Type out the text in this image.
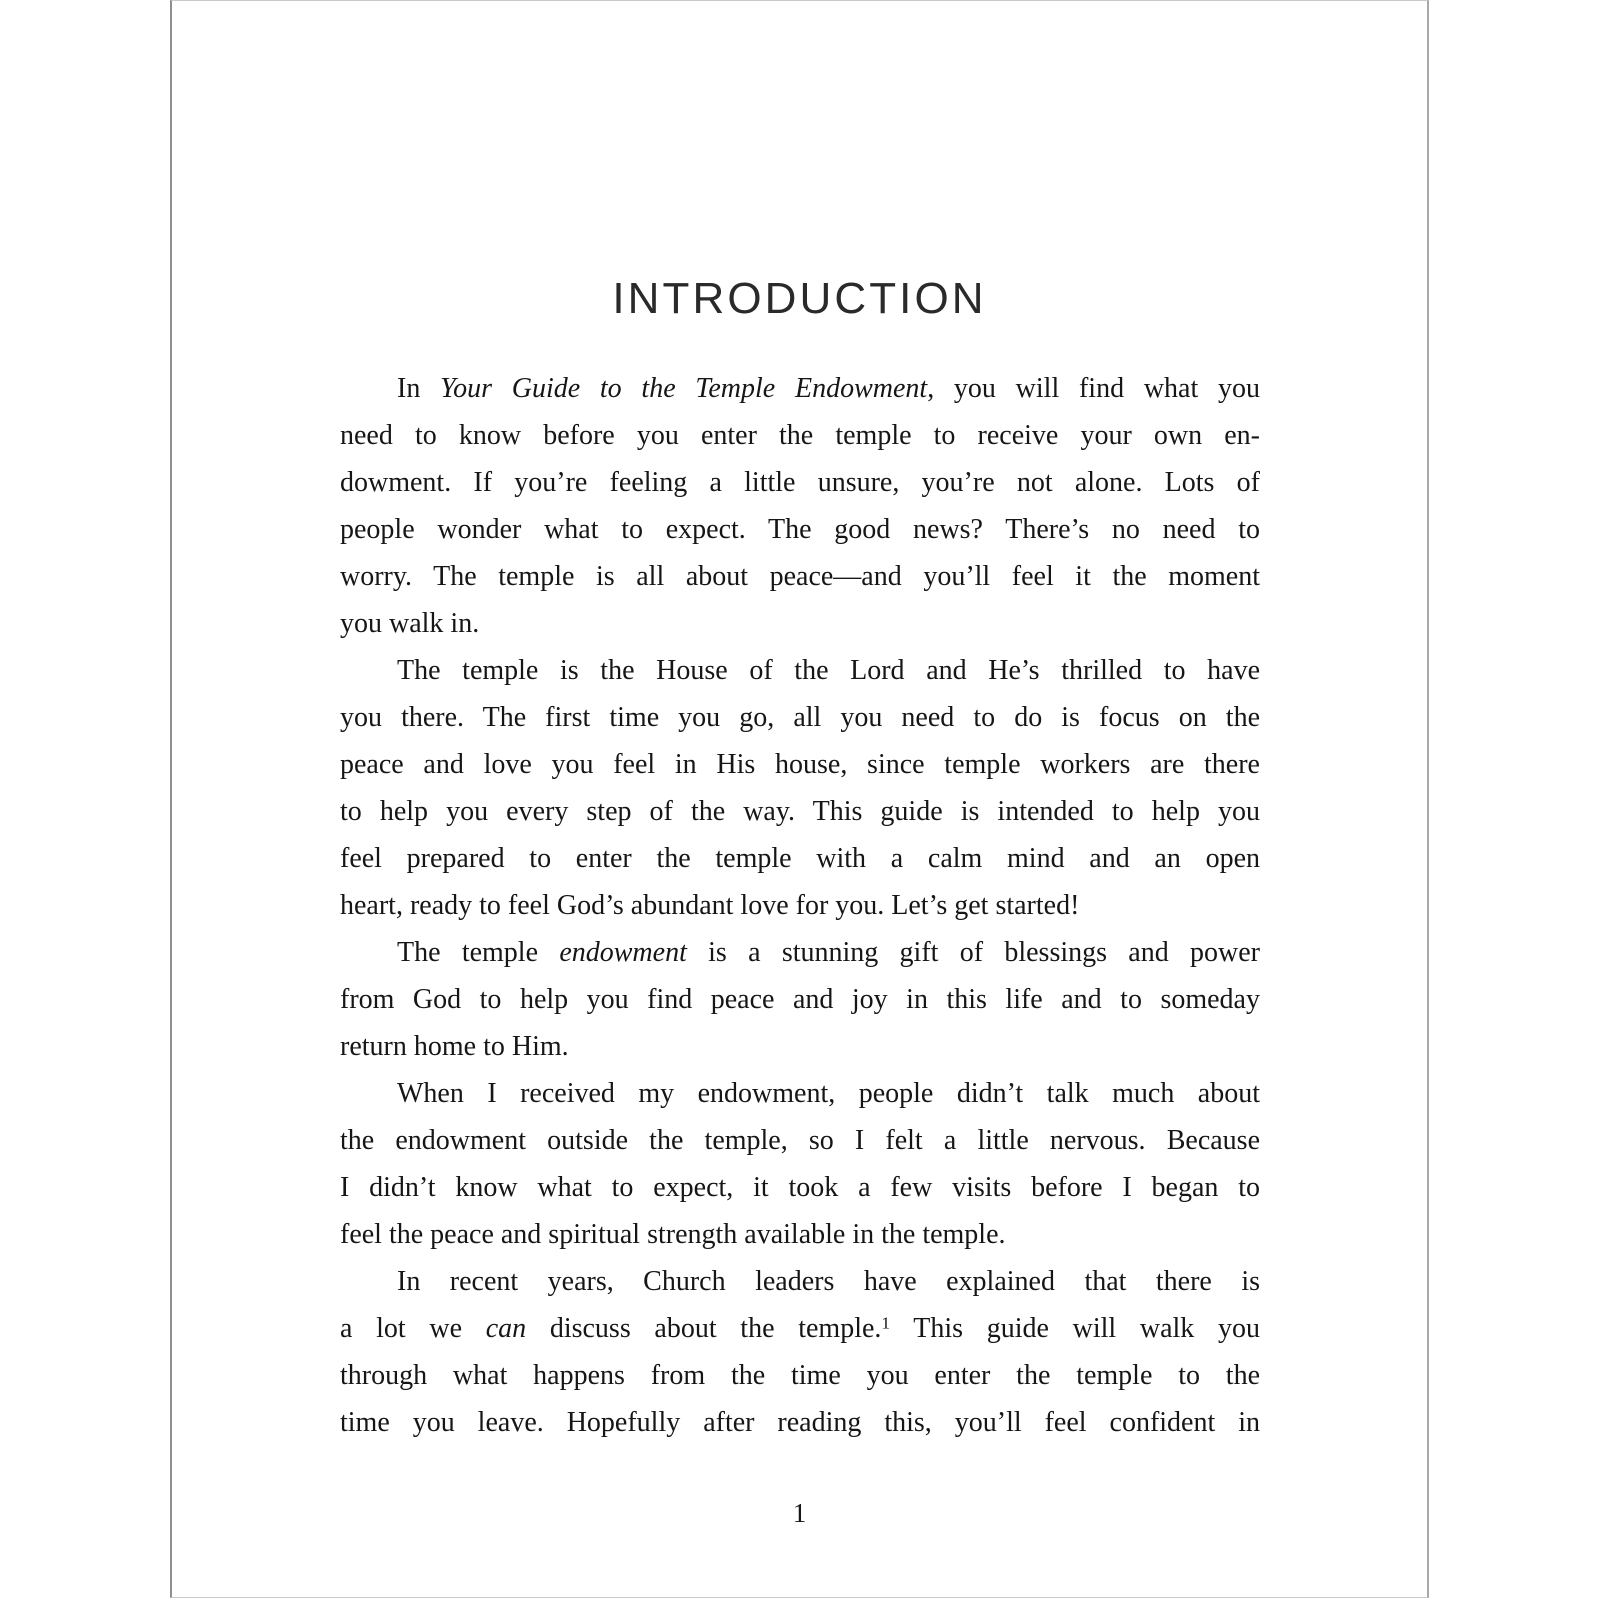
INTRODUCTION
In Your Guide to the Temple Endowment, you will find what you
need to know before you enter the temple to receive your own en-
dowment. If you’re feeling a little unsure, you’re not alone. Lots of
people wonder what to expect. The good news? There’s no need to
worry. The temple is all about peace—and you’ll feel it the moment
you walk in.
The temple is the House of the Lord and He’s thrilled to have
you there. The first time you go, all you need to do is focus on the
peace and love you feel in His house, since temple workers are there
to help you every step of the way. This guide is intended to help you
feel prepared to enter the temple with a calm mind and an open
heart, ready to feel God’s abundant love for you. Let’s get started!
The temple endowment is a stunning gift of blessings and power
from God to help you find peace and joy in this life and to someday
return home to Him.
When I received my endowment, people didn’t talk much about
the endowment outside the temple, so I felt a little nervous. Because
I didn’t know what to expect, it took a few visits before I began to
feel the peace and spiritual strength available in the temple.
In recent years, Church leaders have explained that there is
a lot we can discuss about the temple.$^1$ This guide will walk you
through what happens from the time you enter the temple to the
time you leave. Hopefully after reading this, you’ll feel confident in
1
